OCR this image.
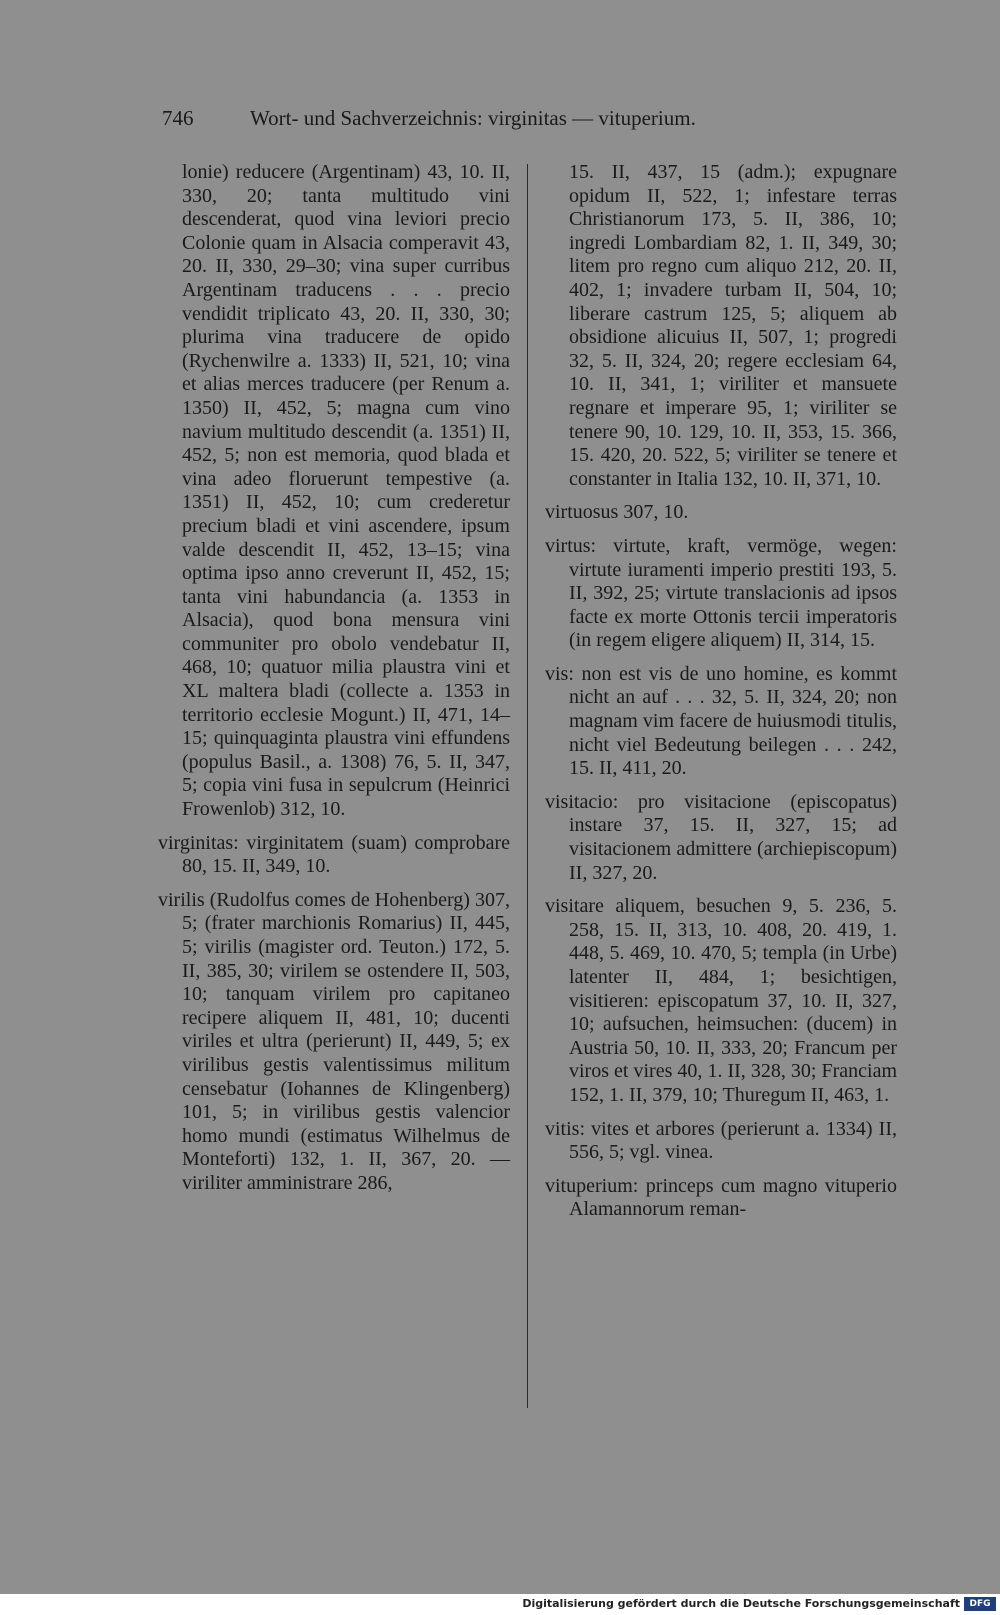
746	Wort- und Sachverzeichnis: virginitas — vituperium.
lonie) reducere (Argentinam) 43, 10. II, 330, 20; tanta multitudo vini descenderat, quod vina leviori precio Colonie quam in Alsacia comperavit 43, 20. II, 330, 29–30; vina super curribus Argentinam traducens . . . precio vendidit triplicato 43, 20. II, 330, 30; plurima vina traducere de opido (Rychenwilre a. 1333) II, 521, 10; vina et alias merces traducere (per Renum a. 1350) II, 452, 5; magna cum vino navium multitudo descendit (a. 1351) II, 452, 5; non est memoria, quod blada et vina adeo floruerunt tempestive (a. 1351) II, 452, 10; cum crederetur precium bladi et vini ascendere, ipsum valde descendit II, 452, 13–15; vina optima ipso anno creverunt II, 452, 15; tanta vini habundancia (a. 1353 in Alsacia), quod bona mensura vini communiter pro obolo vendebatur II, 468, 10; quatuor milia plaustra vini et XL maltera bladi (collecte a. 1353 in territorio ecclesie Mogunt.) II, 471, 14–15; quinquaginta plaustra vini effundens (populus Basil., a. 1308) 76, 5. II, 347, 5; copia vini fusa in sepulcrum (Heinrici Frowenlob) 312, 10.
virginitas: virginitatem (suam) comprobare 80, 15. II, 349, 10.
virilis (Rudolfus comes de Hohenberg) 307, 5; (frater marchionis Romarius) II, 445, 5; virilis (magister ord. Teuton.) 172, 5. II, 385, 30; virilem se ostendere II, 503, 10; tanquam virilem pro capitaneo recipere aliquem II, 481, 10; ducenti viriles et ultra (perierunt) II, 449, 5; ex virilibus gestis valentissimus militum censebatur (Iohannes de Klingenberg) 101, 5; in virilibus gestis valencior homo mundi (estimatus Wilhelmus de Monteforti) 132, 1. II, 367, 20. — viriliter amministrare 286,
15. II, 437, 15 (adm.); expugnare opidum II, 522, 1; infestare terras Christianorum 173, 5. II, 386, 10; ingredi Lombardiam 82, 1. II, 349, 30; litem pro regno cum aliquo 212, 20. II, 402, 1; invadere turbam II, 504, 10; liberare castrum 125, 5; aliquem ab obsidione alicuius II, 507, 1; progredi 32, 5. II, 324, 20; regere ecclesiam 64, 10. II, 341, 1; viriliter et mansuete regnare et imperare 95, 1; viriliter se tenere 90, 10. 129, 10. II, 353, 15. 366, 15. 420, 20. 522, 5; viriliter se tenere et constanter in Italia 132, 10. II, 371, 10.
virtuosus 307, 10.
virtus: virtute, kraft, vermöge, wegen: virtute iuramenti imperio prestiti 193, 5. II, 392, 25; virtute translacionis ad ipsos facte ex morte Ottonis tercii imperatoris (in regem eligere aliquem) II, 314, 15.
vis: non est vis de uno homine, es kommt nicht an auf . . . 32, 5. II, 324, 20; non magnam vim facere de huiusmodi titulis, nicht viel Bedeutung beilegen . . . 242, 15. II, 411, 20.
visitacio: pro visitacione (episcopatus) instare 37, 15. II, 327, 15; ad visitacionem admittere (archiepiscopum) II, 327, 20.
visitare aliquem, besuchen 9, 5. 236, 5. 258, 15. II, 313, 10. 408, 20. 419, 1. 448, 5. 469, 10. 470, 5; templa (in Urbe) latenter II, 484, 1; besichtigen, visitieren: episcopatum 37, 10. II, 327, 10; aufsuchen, heimsuchen: (ducem) in Austria 50, 10. II, 333, 20; Francum per viros et vires 40, 1. II, 328, 30; Franciam 152, 1. II, 379, 10; Thuregum II, 463, 1.
vitis: vites et arbores (perierunt a. 1334) II, 556, 5; vgl. vinea.
vituperium: princeps cum magno vituperio Alamannorum reman-
Digitalisierung gefördert durch die Deutsche Forschungsgemeinschaft	DFG
